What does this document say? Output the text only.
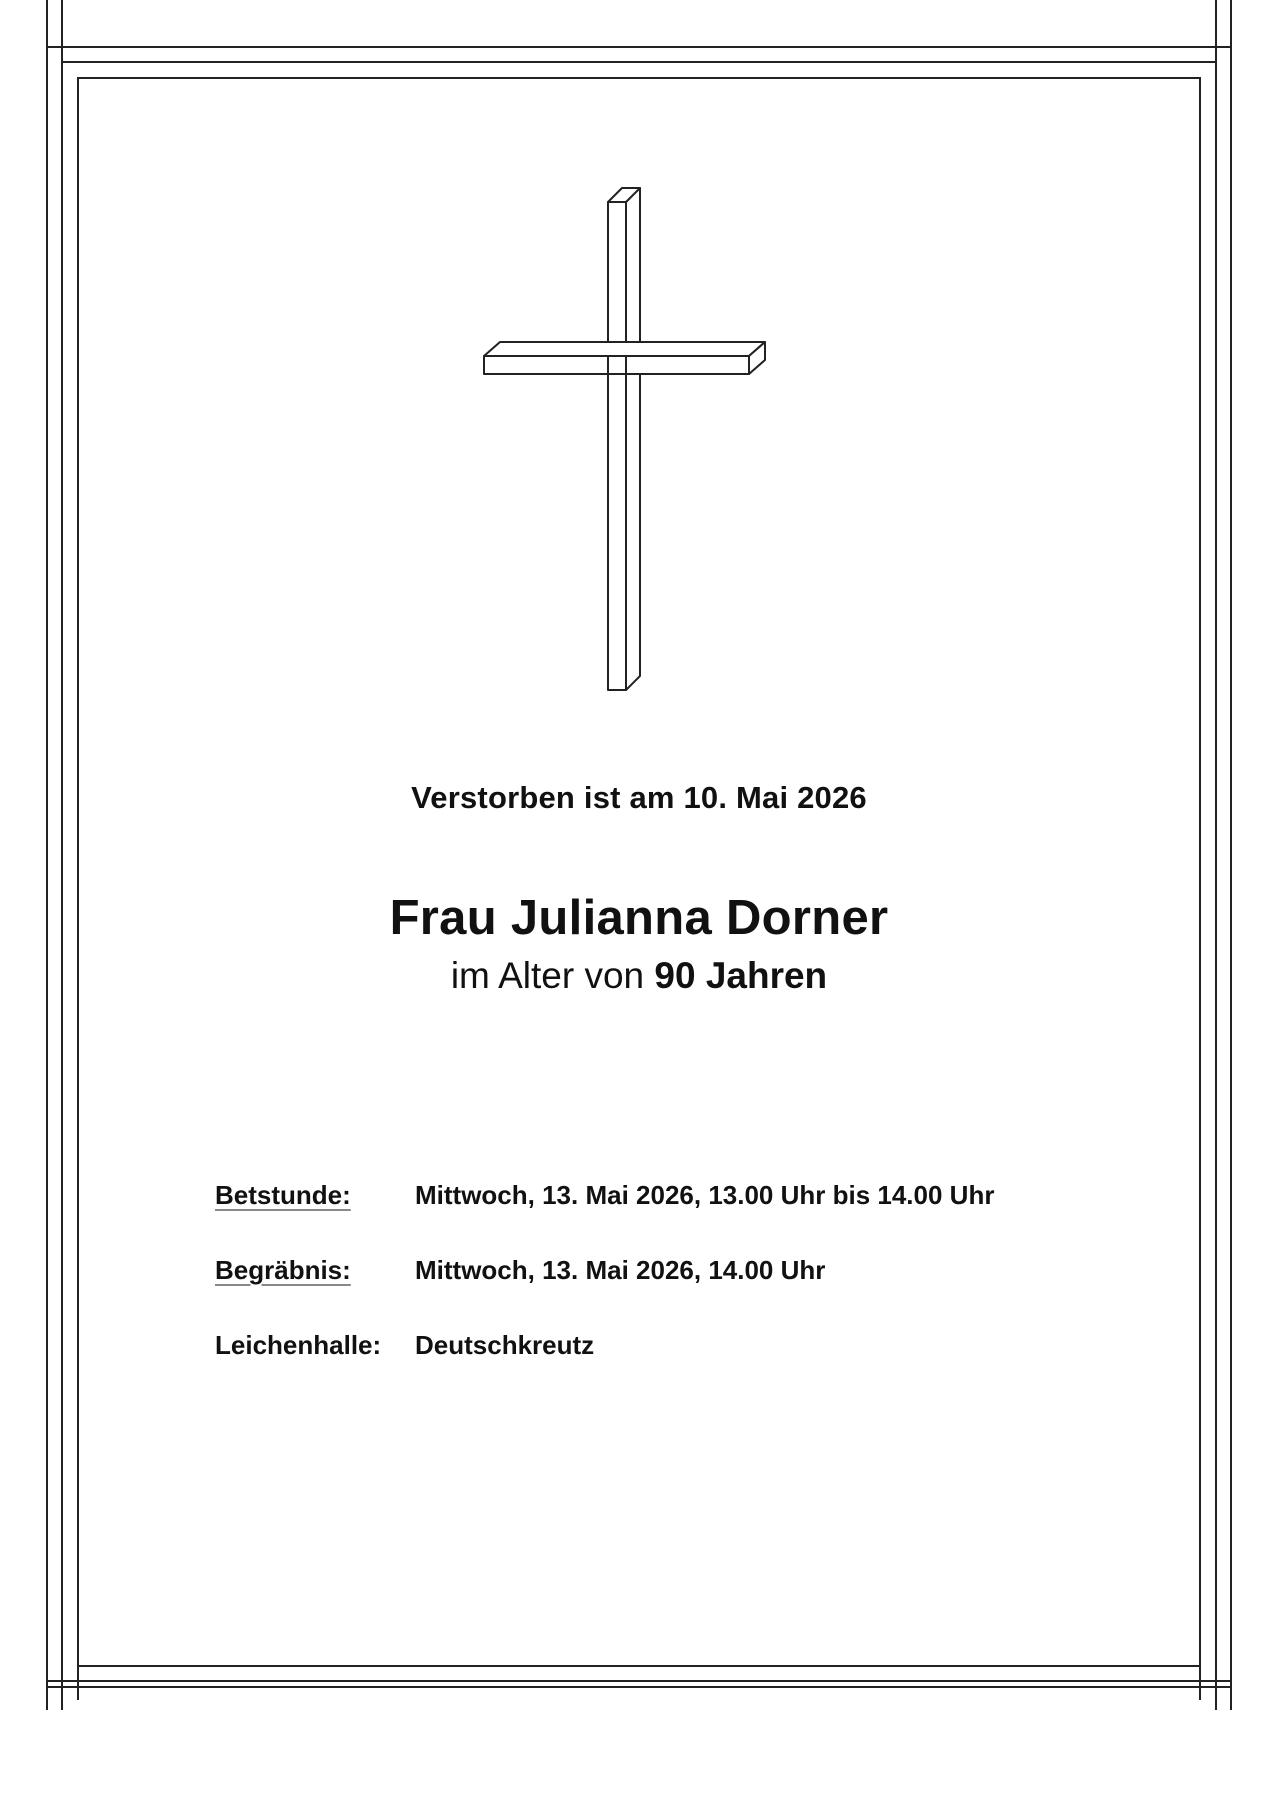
Verstorben ist am 10. Mai 2026
Frau Julianna Dorner
im Alter von 90 Jahren
Betstunde:	Mittwoch, 13. Mai 2026, 13.00 Uhr bis 14.00 Uhr
Begräbnis:	Mittwoch, 13. Mai 2026, 14.00 Uhr
Leichenhalle:	Deutschkreutz
